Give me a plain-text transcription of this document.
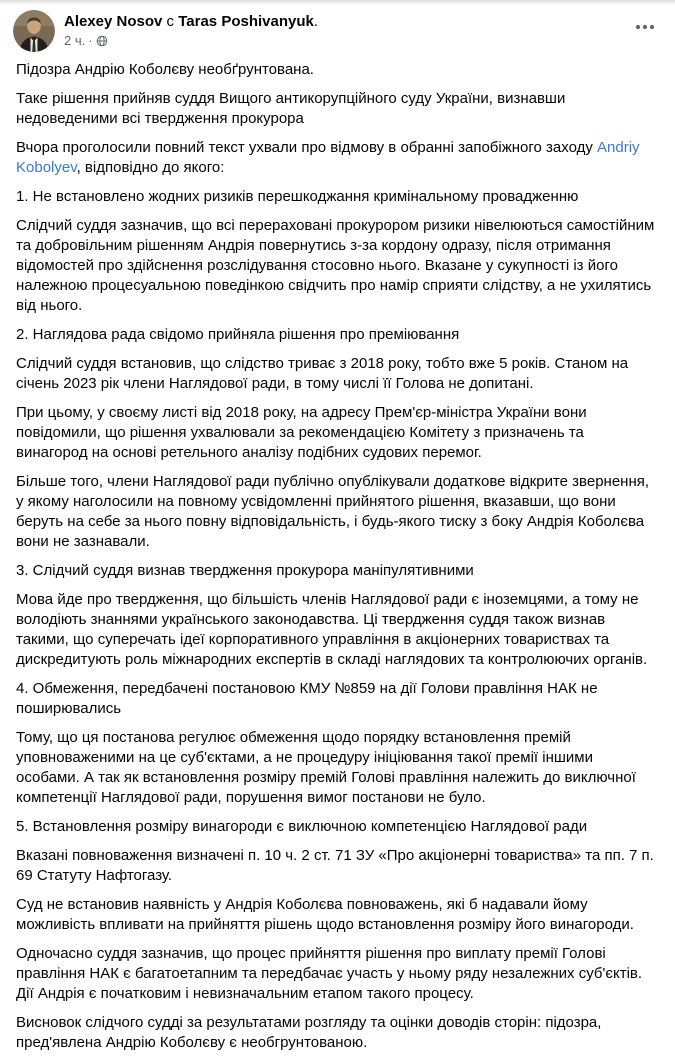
Alexey Nosov с Taras Poshivanyuk.
2 ч. ·

Підозра Андрію Коболєву необґрунтована.

Таке рішення прийняв суддя Вищого антикорупційного суду України, визнавши недоведеними всі твердження прокурора

Вчора проголосили повний текст ухвали про відмову в обранні запобіжного заходу Andriy Kobolyev, відповідно до якого:

1. Не встановлено жодних ризиків перешкоджання кримінальному провадженню

Слідчий суддя зазначив, що всі перераховані прокурором ризики нівелюються самостійним та добровільним рішенням Андрія повернутись з-за кордону одразу, після отримання відомостей про здійснення розслідування стосовно нього. Вказане у сукупності із його належною процесуальною поведінкою свідчить про намір сприяти слідству, а не ухилятись від нього.

2. Наглядова рада свідомо прийняла рішення про преміювання

Слідчий суддя встановив, що слідство триває з 2018 року, тобто вже 5 років. Станом на січень 2023 рік члени Наглядової ради, в тому числі її Голова не допитані.

При цьому, у своєму листі від 2018 року, на адресу Прем'єр-міністра України вони повідомили, що рішення ухвалювали за рекомендацією Комітету з призначень та винагород на основі ретельного аналізу подібних судових перемог.

Більше того, члени Наглядової ради публічно опублікували додаткове відкрите звернення, у якому наголосили на повному усвідомленні прийнятого рішення, вказавши, що вони беруть на себе за нього повну відповідальність, і будь-якого тиску з боку Андрія Коболєва вони не зазнавали.

3. Слідчий суддя визнав твердження прокурора маніпулятивними

Мова йде про твердження, що більшість членів Наглядової ради є іноземцями, а тому не володіють знаннями українського законодавства. Ці твердження суддя також визнав такими, що суперечать ідеї корпоративного управління в акціонерних товариствах та дискредитують роль міжнародних експертів в складі наглядових та контролюючих органів.

4. Обмеження, передбачені постановою КМУ №859 на дії Голови правління НАК не поширювались

Тому, що ця постанова регулює обмеження щодо порядку встановлення премій уповноваженими на це суб'єктами, а не процедуру ініціювання такої премії іншими особами. А так як встановлення розміру премій Голові правління належить до виключної компетенції Наглядової ради, порушення вимог постанови не було.

5. Встановлення розміру винагороди є виключною компетенцією Наглядової ради

Вказані повноваження визначені п. 10 ч. 2 ст. 71 ЗУ «Про акціонерні товариства» та пп. 7 п. 69 Статуту Нафтогазу.

Суд не встановив наявність у Андрія Коболєва повноважень, які б надавали йому можливість впливати на прийняття рішень щодо встановлення розміру його винагороди.

Одночасно суддя зазначив, що процес прийняття рішення про виплату премії Голові правління НАК є багатоетапним та передбачає участь у ньому ряду незалежних суб'єктів. Дії Андрія є початковим і невизначальним етапом такого процесу.

Висновок слідчого судді за результатами розгляду та оцінки доводів сторін: підозра, пред'явлена Андрію Коболєву є необгрунтованою.
